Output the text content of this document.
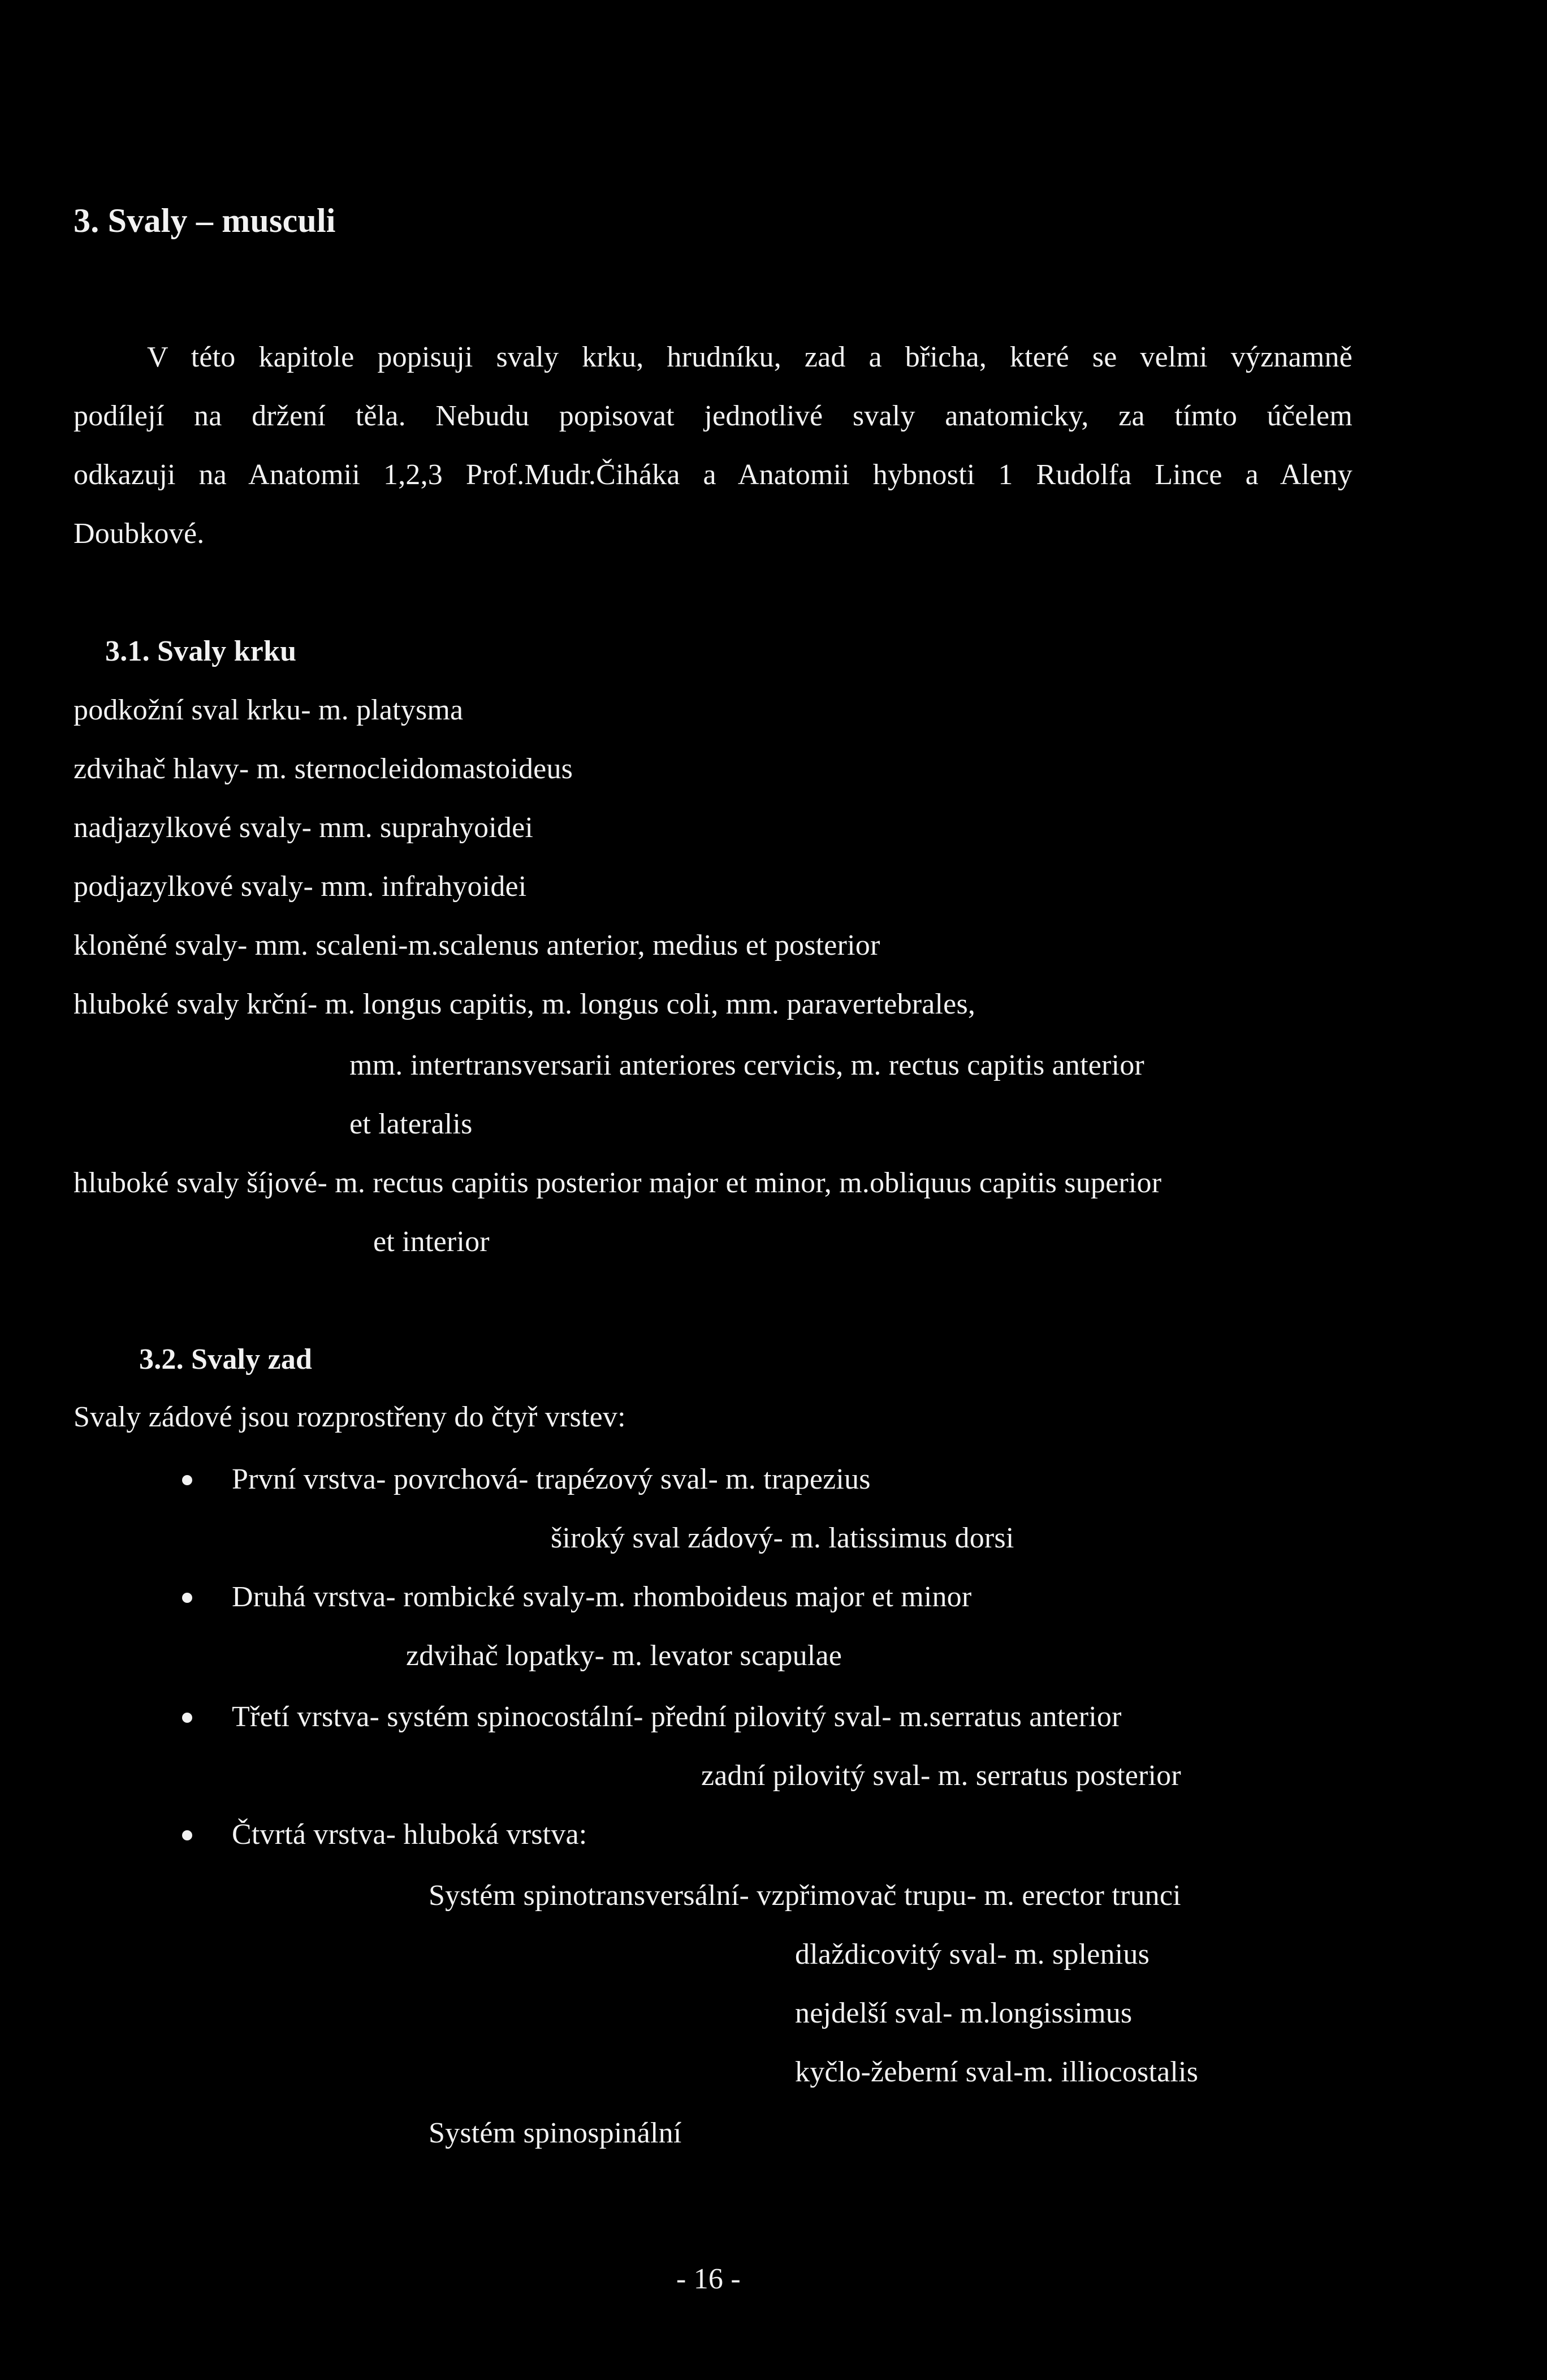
3. Svaly – musculi
V této kapitole popisuji svaly krku, hrudníku, zad a břicha, které se velmi významně
podílejí na držení těla. Nebudu popisovat jednotlivé svaly anatomicky, za tímto účelem
odkazuji na Anatomii 1,2,3 Prof.Mudr.Čiháka a Anatomii hybnosti 1 Rudolfa Lince a Aleny
Doubkové.
3.1. Svaly krku
podkožní sval krku- m. platysma
zdvihač hlavy- m. sternocleidomastoideus
nadjazylkové svaly- mm. suprahyoidei
podjazylkové svaly- mm. infrahyoidei
kloněné svaly- mm. scaleni-m.scalenus anterior, medius et posterior
hluboké svaly krční- m. longus capitis, m. longus coli, mm. paravertebrales,
mm. intertransversarii anteriores cervicis, m. rectus capitis anterior
et lateralis
hluboké svaly šíjové- m. rectus capitis posterior major et minor, m.obliquus capitis superior
et interior
3.2. Svaly zad
Svaly zádové jsou rozprostřeny do čtyř vrstev:
První vrstva- povrchová- trapézový sval- m. trapezius
široký sval zádový- m. latissimus dorsi
Druhá vrstva- rombické svaly-m. rhomboideus major et minor
zdvihač lopatky- m. levator scapulae
Třetí vrstva- systém spinocostální- přední pilovitý sval- m.serratus anterior
zadní pilovitý sval- m. serratus posterior
Čtvrtá vrstva- hluboká vrstva:
Systém spinotransversální- vzpřimovač trupu- m. erector trunci
dlaždicovitý sval- m. splenius
nejdelší sval- m.longissimus
kyčlo-žeberní sval-m. illiocostalis
Systém spinospinální
- 16 -
